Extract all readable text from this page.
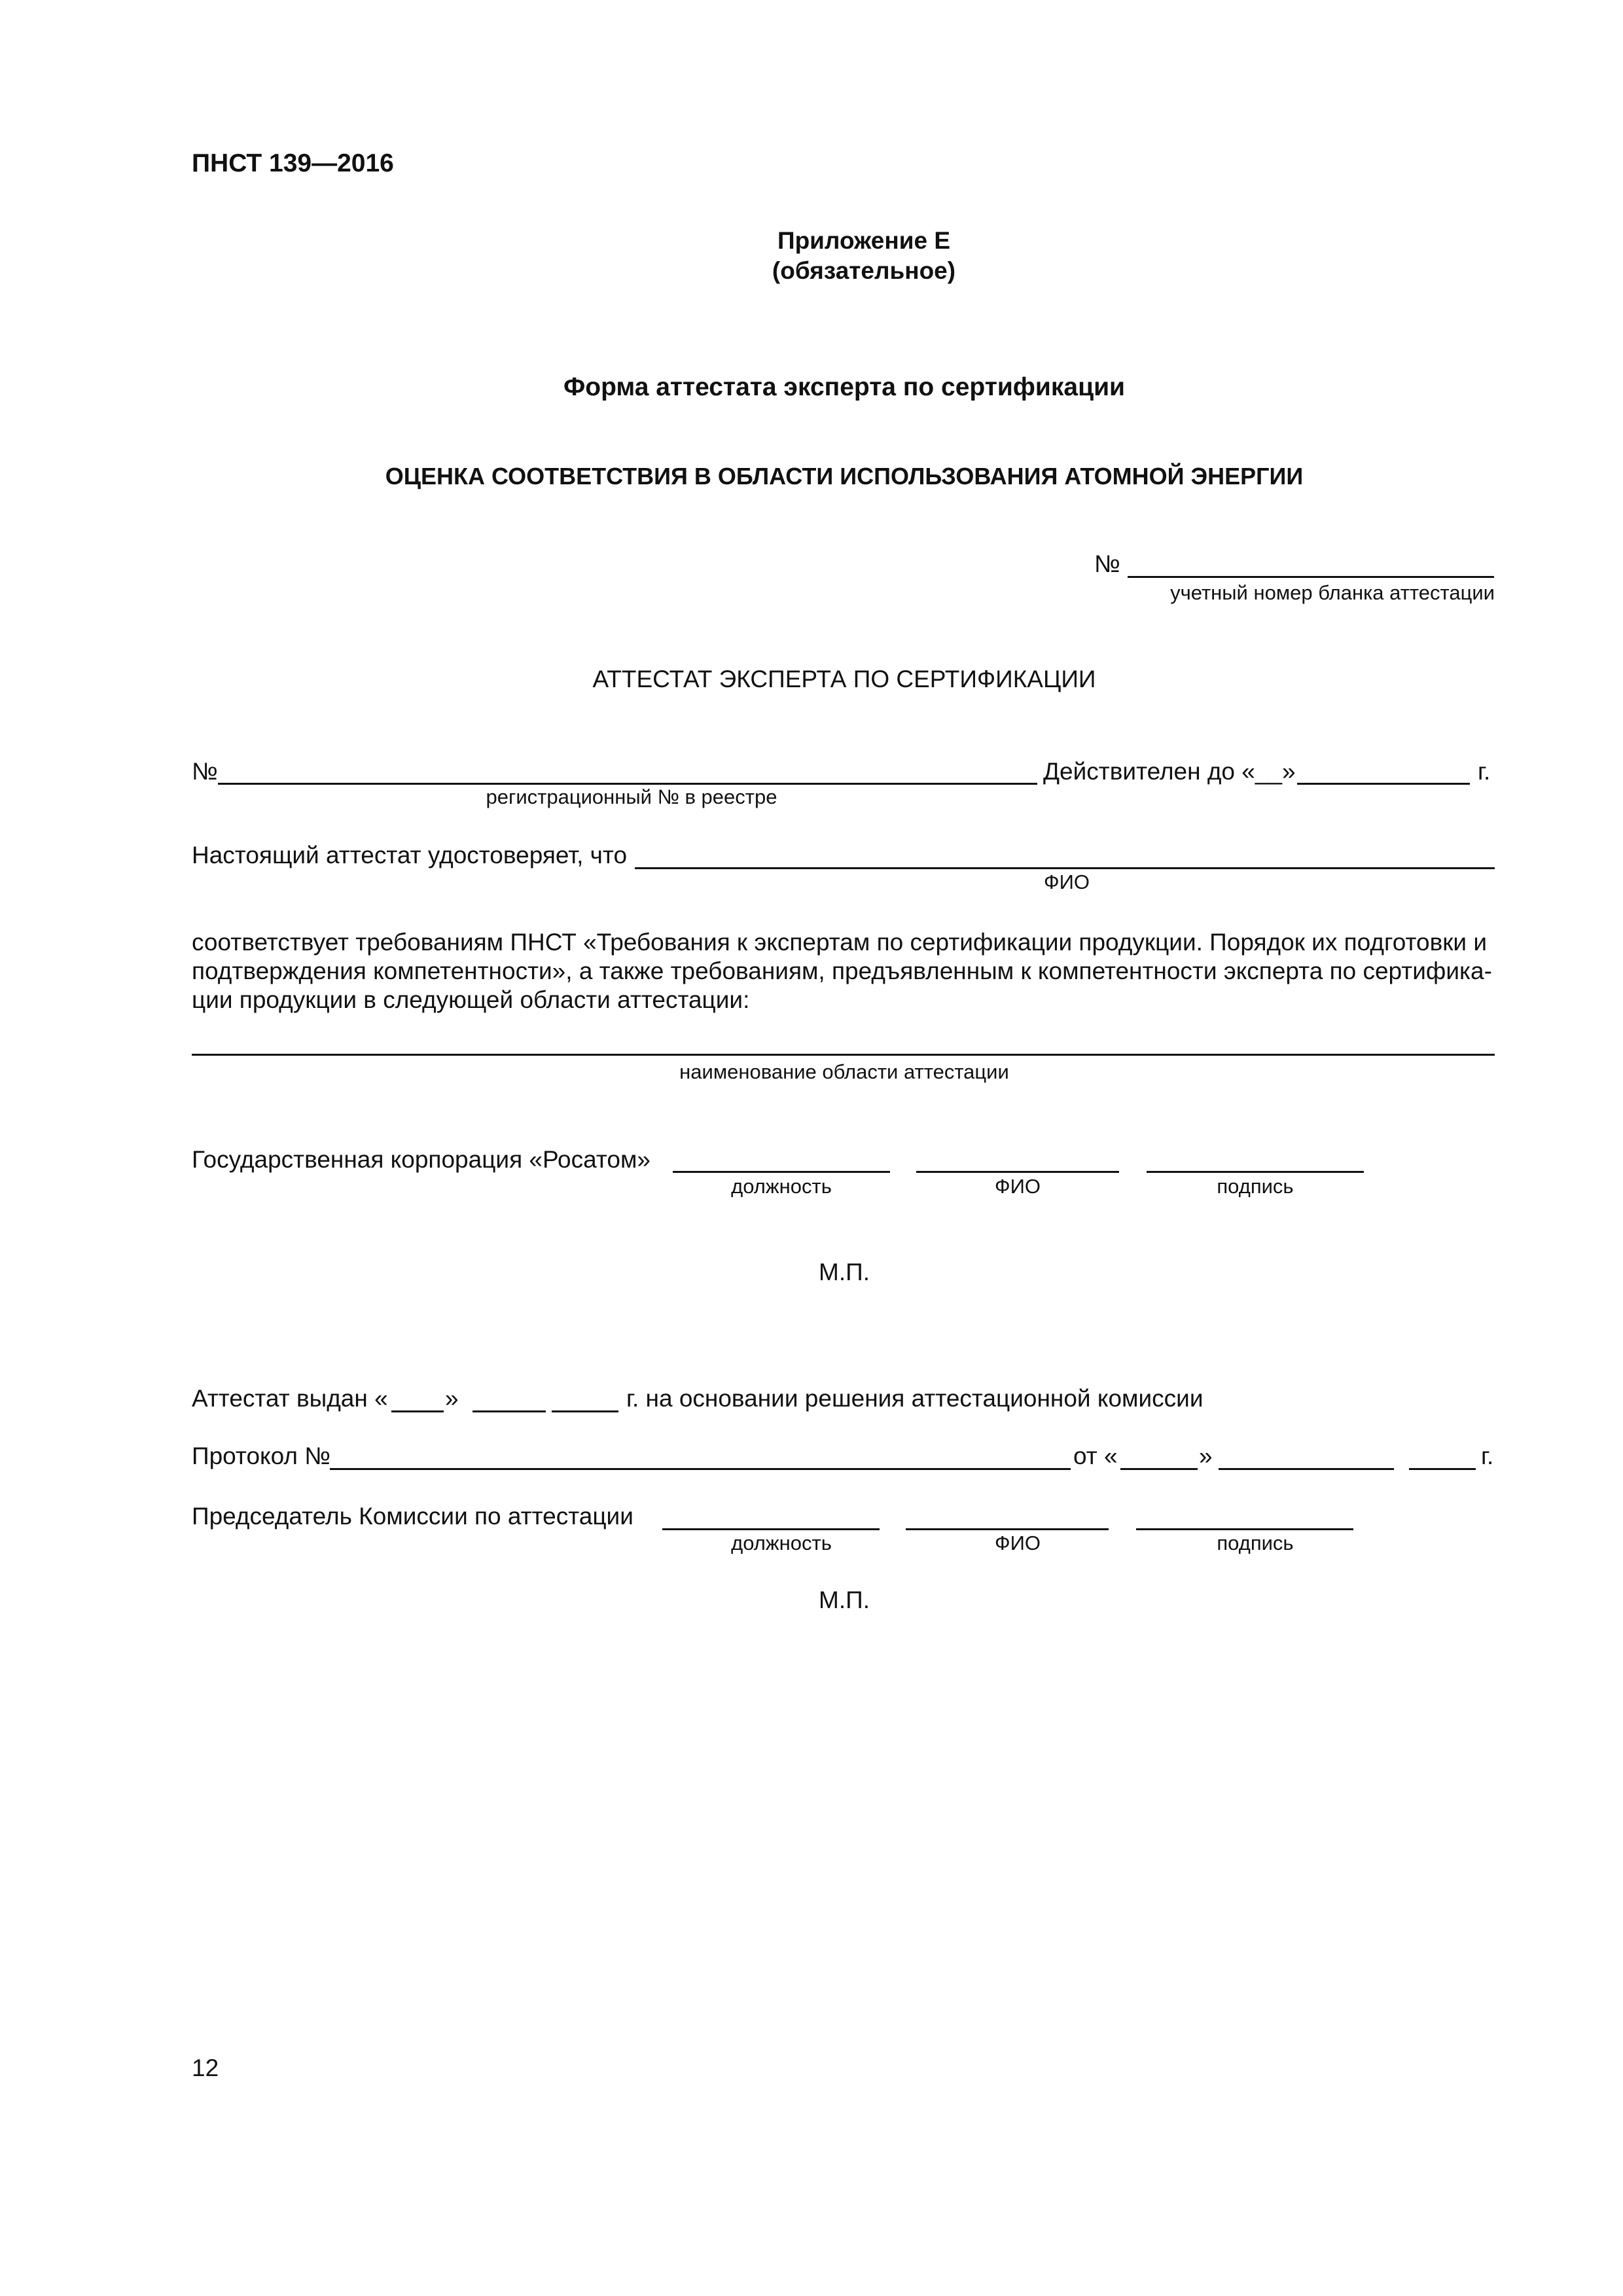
ПНСТ 139—2016
Приложение Е
(обязательное)
Форма аттестата эксперта по сертификации
ОЦЕНКА СООТВЕТСТВИЯ В ОБЛАСТИ ИСПОЛЬЗОВАНИЯ АТОМНОЙ ЭНЕРГИИ
№
учетный номер бланка аттестации
АТТЕСТАТ ЭКСПЕРТА ПО СЕРТИФИКАЦИИ
№	Действителен до «__»	г.
регистрационный № в реестре
Настоящий аттестат удостоверяет, что
ФИО
соответствует требованиям ПНСТ «Требования к экспертам по сертификации продукции. Порядок их подготовки и
подтверждения компетентности», а также требованиям, предъявленным к компетентности эксперта по сертифика-
ции продукции в следующей области аттестации:
наименование области аттестации
Государственная корпорация «Росатом»
должность	ФИО	подпись
М.П.
Аттестат выдан « »	г. на основании решения аттестационной комиссии
Протокол №	от «	»	г.
Председатель Комиссии по аттестации
должность	ФИО	подпись
М.П.
12
